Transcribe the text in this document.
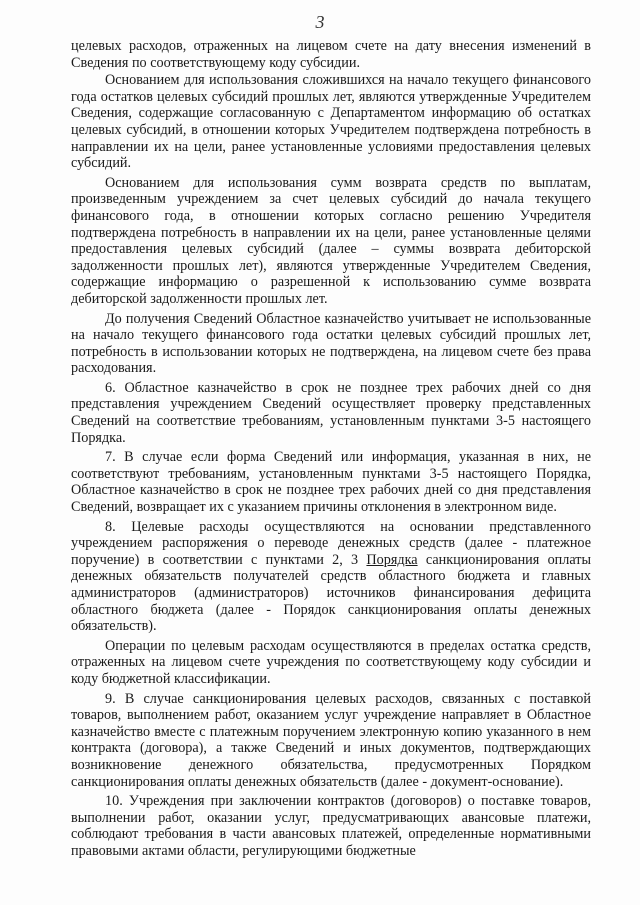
3

целевых расходов, отраженных на лицевом счете на дату внесения изменений в Сведения по соответствующему коду субсидии.

Основанием для использования сложившихся на начало текущего финансового года остатков целевых субсидий прошлых лет, являются утвержденные Учредителем Сведения, содержащие согласованную с Департаментом информацию об остатках целевых субсидий, в отношении которых Учредителем подтверждена потребность в направлении их на цели, ранее установленные условиями предоставления целевых субсидий.

Основанием для использования сумм возврата средств по выплатам, произведенным учреждением за счет целевых субсидий до начала текущего финансового года, в отношении которых согласно решению Учредителя подтверждена потребность в направлении их на цели, ранее установленные целями предоставления целевых субсидий (далее – суммы возврата дебиторской задолженности прошлых лет), являются утвержденные Учредителем Сведения, содержащие информацию о разрешенной к использованию сумме возврата дебиторской задолженности прошлых лет.

До получения Сведений Областное казначейство учитывает не использованные на начало текущего финансового года остатки целевых субсидий прошлых лет, потребность в использовании которых не подтверждена, на лицевом счете без права расходования.

6. Областное казначейство в срок не позднее трех рабочих дней со дня представления учреждением Сведений осуществляет проверку представленных Сведений на соответствие требованиям, установленным пунктами 3-5 настоящего Порядка.

7. В случае если форма Сведений или информация, указанная в них, не соответствуют требованиям, установленным пунктами 3-5 настоящего Порядка, Областное казначейство в срок не позднее трех рабочих дней со дня представления Сведений, возвращает их с указанием причины отклонения в электронном виде.

8. Целевые расходы осуществляются на основании представленного учреждением распоряжения о переводе денежных средств (далее - платежное поручение) в соответствии с пунктами 2, 3 Порядка санкционирования оплаты денежных обязательств получателей средств областного бюджета и главных администраторов (администраторов) источников финансирования дефицита областного бюджета (далее - Порядок санкционирования оплаты денежных обязательств).

Операции по целевым расходам осуществляются в пределах остатка средств, отраженных на лицевом счете учреждения по соответствующему коду субсидии и коду бюджетной классификации.

9. В случае санкционирования целевых расходов, связанных с поставкой товаров, выполнением работ, оказанием услуг учреждение направляет в Областное казначейство вместе с платежным поручением электронную копию указанного в нем контракта (договора), а также Сведений и иных документов, подтверждающих возникновение денежного обязательства, предусмотренных Порядком санкционирования оплаты денежных обязательств (далее - документ-основание).

10. Учреждения при заключении контрактов (договоров) о поставке товаров, выполнении работ, оказании услуг, предусматривающих авансовые платежи, соблюдают требования в части авансовых платежей, определенные нормативными правовыми актами области, регулирующими бюджетные
